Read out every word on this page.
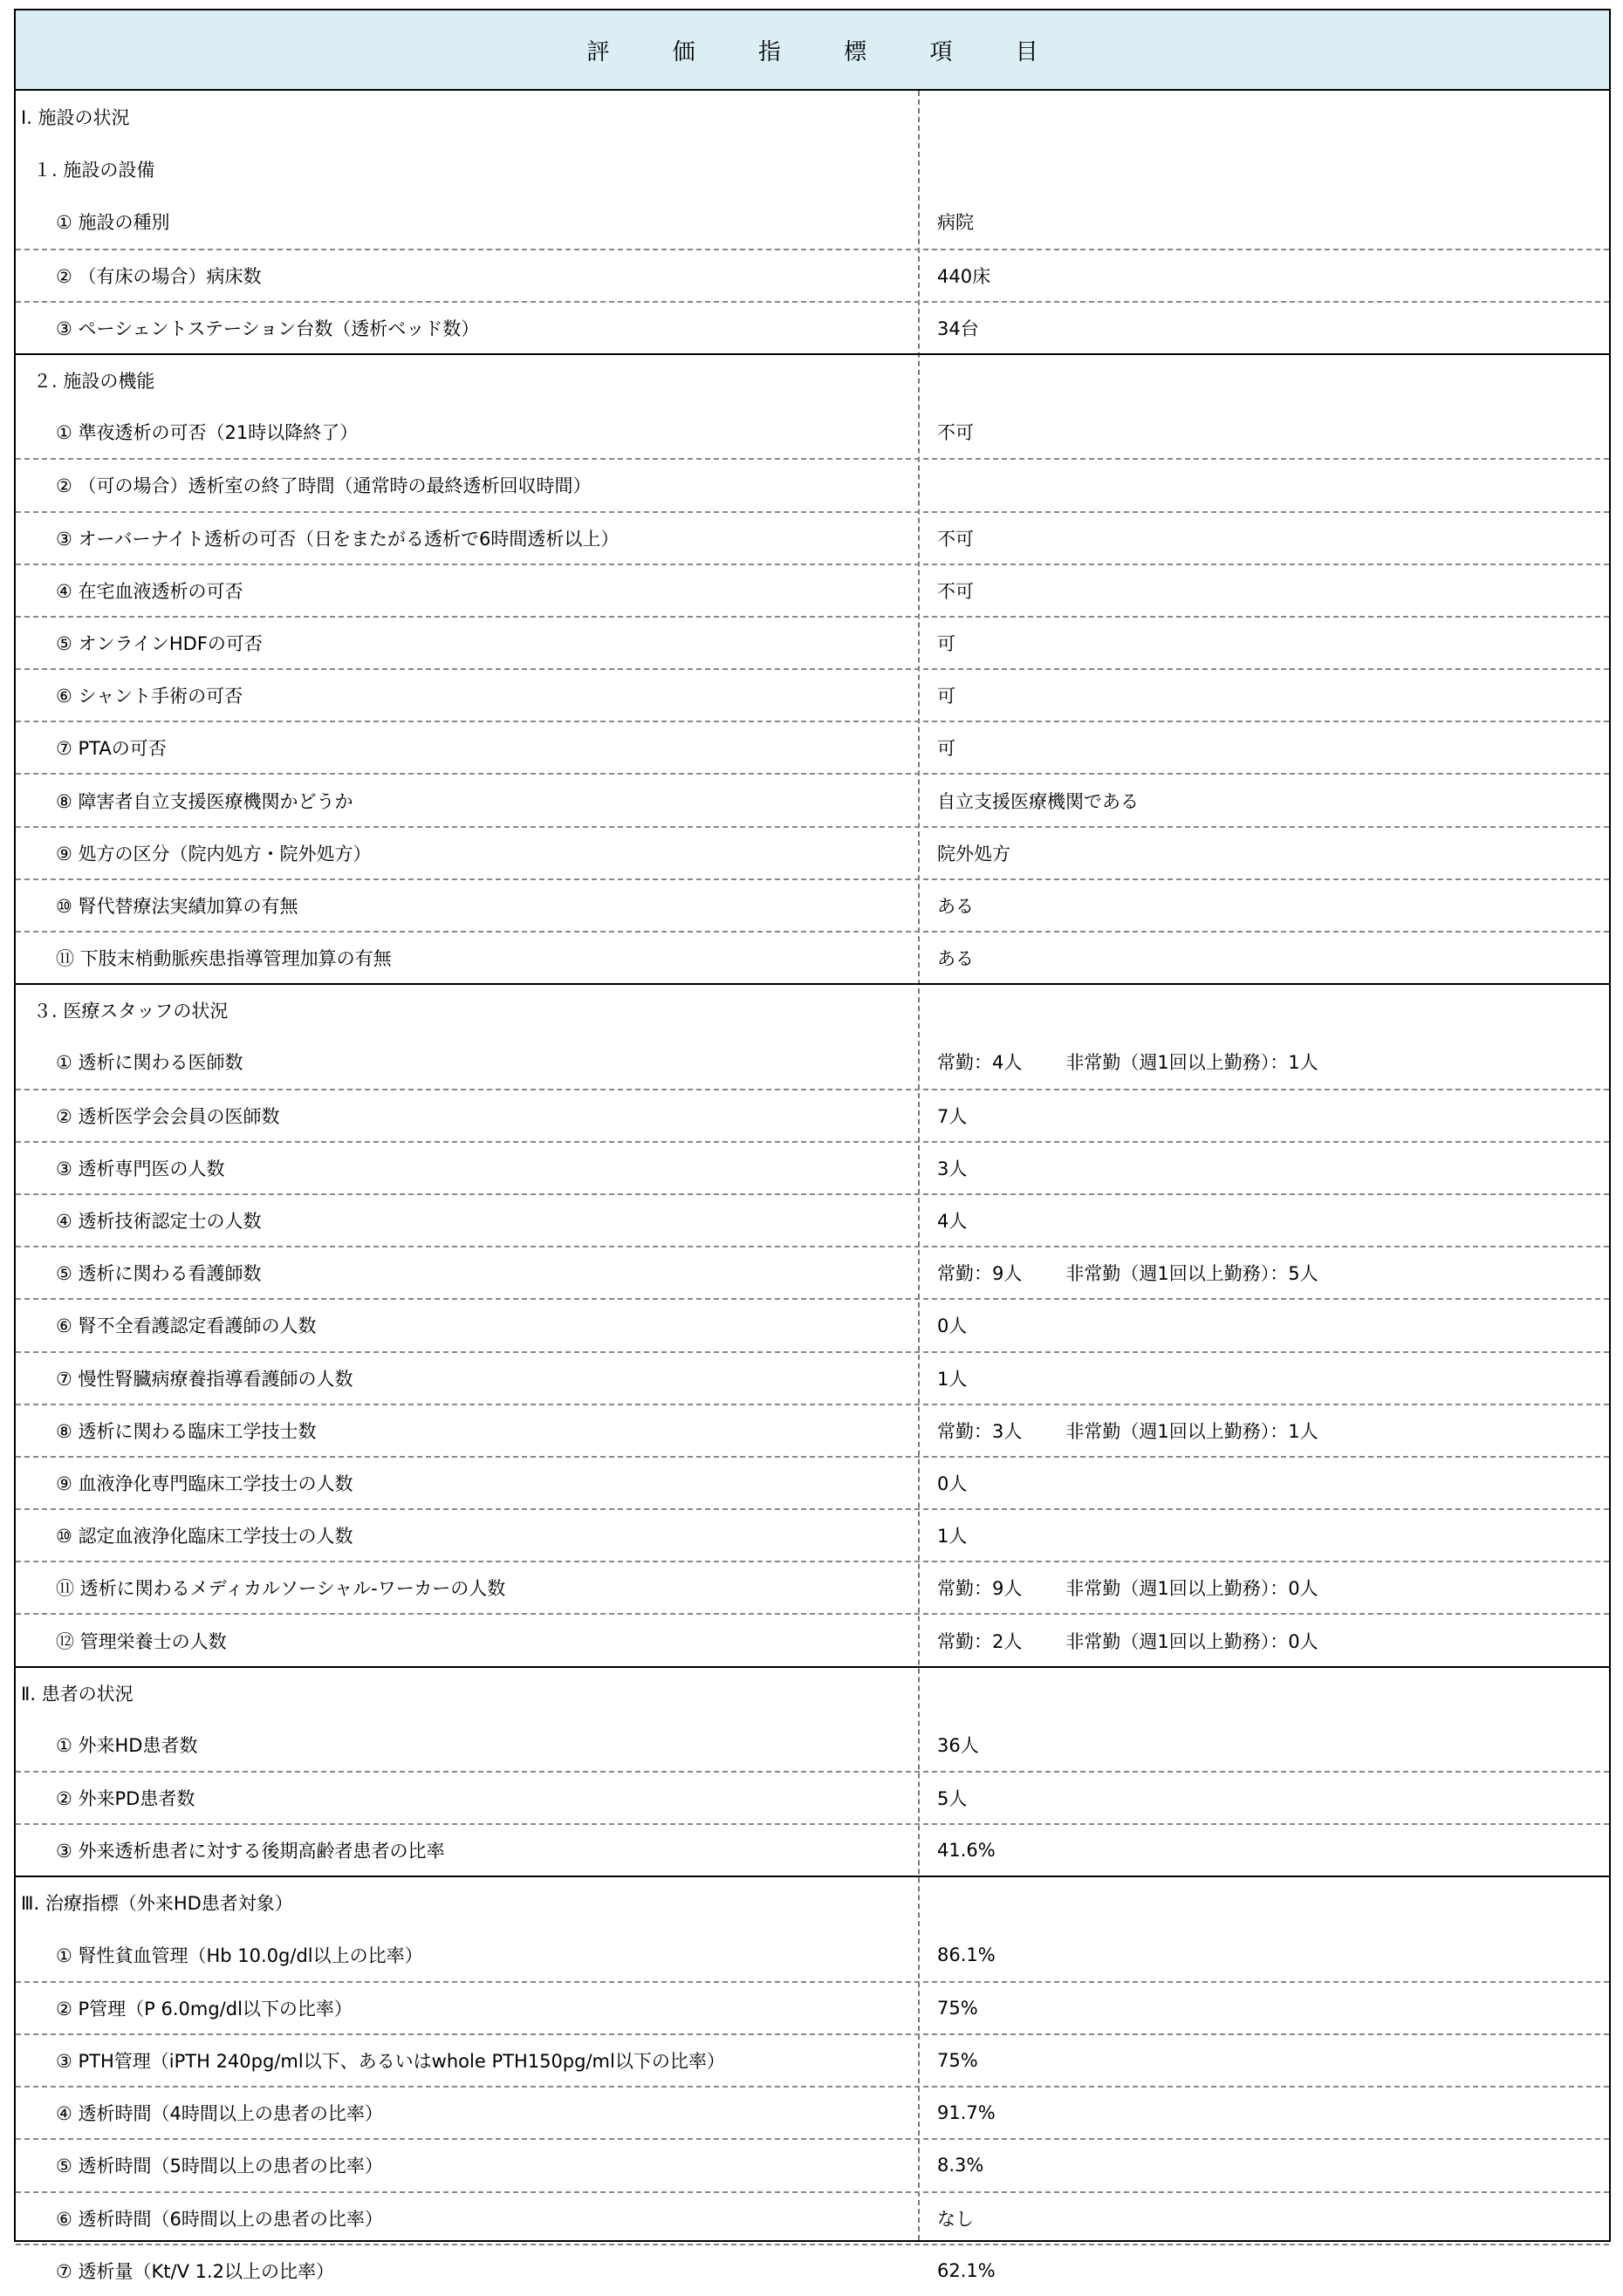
評 価 指 標 項 目
Ⅰ. 施設の状況
１. 施設の設備
① 施設の種別	病院
② （有床の場合）病床数	440床
③ ペーシェントステーション台数（透析ベッド数）	34台
２. 施設の機能
① 準夜透析の可否（21時以降終了）	不可
② （可の場合）透析室の終了時間（通常時の最終透析回収時間）
③ オーバーナイト透析の可否（日をまたがる透析で6時間透析以上）	不可
④ 在宅血液透析の可否	不可
⑤ オンラインHDFの可否	可
⑥ シャント手術の可否	可
⑦ PTAの可否	可
⑧ 障害者自立支援医療機関かどうか	自立支援医療機関である
⑨ 処方の区分（院内処方・院外処方）	院外処方
⑩ 腎代替療法実績加算の有無	ある
⑪ 下肢末梢動脈疾患指導管理加算の有無	ある
３. 医療スタッフの状況
① 透析に関わる医師数	常勤：4人 非常勤（週1回以上勤務）：1人
② 透析医学会会員の医師数	7人
③ 透析専門医の人数	3人
④ 透析技術認定士の人数	4人
⑤ 透析に関わる看護師数	常勤：9人 非常勤（週1回以上勤務）：5人
⑥ 腎不全看護認定看護師の人数	0人
⑦ 慢性腎臓病療養指導看護師の人数	1人
⑧ 透析に関わる臨床工学技士数	常勤：3人 非常勤（週1回以上勤務）：1人
⑨ 血液浄化専門臨床工学技士の人数	0人
⑩ 認定血液浄化臨床工学技士の人数	1人
⑪ 透析に関わるメディカルソーシャル-ワーカーの人数	常勤：9人 非常勤（週1回以上勤務）：0人
⑫ 管理栄養士の人数	常勤：2人 非常勤（週1回以上勤務）：0人
Ⅱ. 患者の状況
① 外来HD患者数	36人
② 外来PD患者数	5人
③ 外来透析患者に対する後期高齢者患者の比率	41.6%
Ⅲ. 治療指標（外来HD患者対象）
① 腎性貧血管理（Hb 10.0g/dl以上の比率）	86.1%
② P管理（P 6.0mg/dl以下の比率）	75%
③ PTH管理（iPTH 240pg/ml以下、あるいはwhole PTH150pg/ml以下の比率）	75%
④ 透析時間（4時間以上の患者の比率）	91.7%
⑤ 透析時間（5時間以上の患者の比率）	8.3%
⑥ 透析時間（6時間以上の患者の比率）	なし
⑦ 透析量（Kt/V 1.2以上の比率）	62.1%
